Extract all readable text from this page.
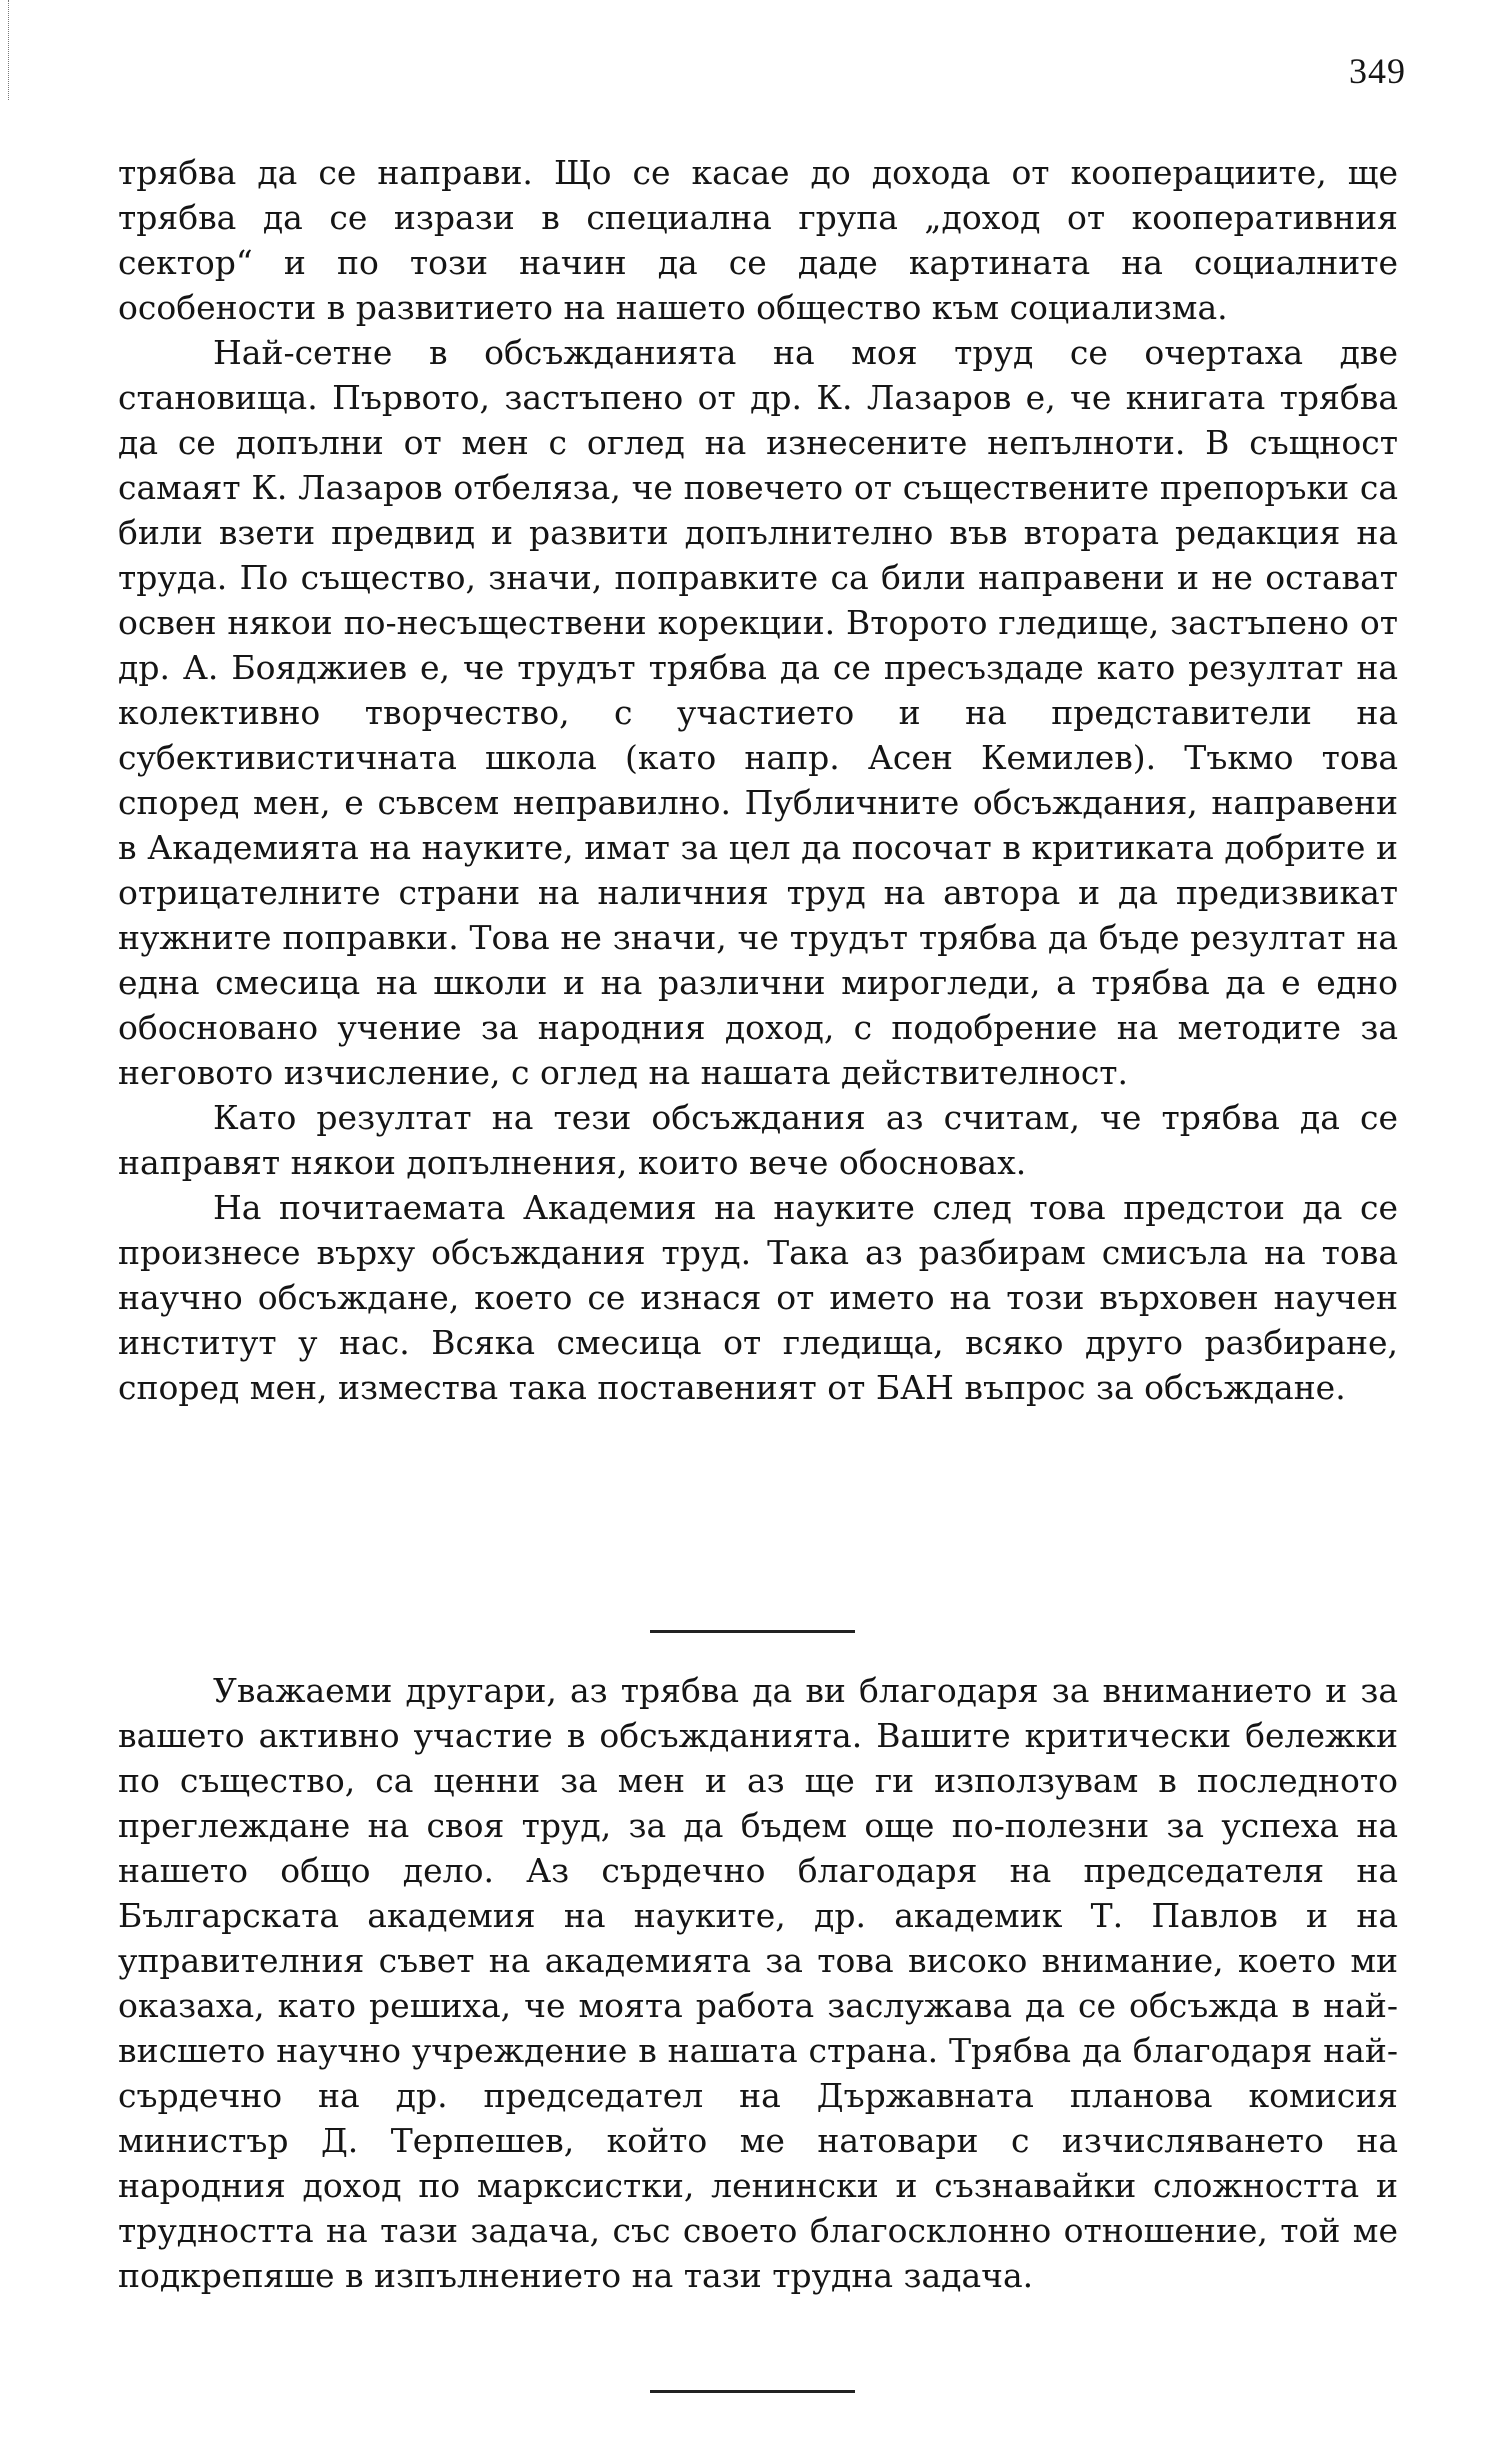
349

трябва да се направи. Що се касае до дохода от кооперациите, ще трябва да се изрази в специална група „доход от кооперативния сектор“ и по този начин да се даде картината на социалните особености в развитието на нашето общество към социализма.

Най-сетне в обсъжданията на моя труд се очертаха две становища. Първото, застъпено от др. К. Лазаров е, че книгата трябва да се допълни от мен с оглед на изнесените непълноти. В същност самаят К. Лазаров отбеляза, че повечето от съществените препоръки са били взети предвид и развити допълнително във втората редакция на труда. По същество, значи, поправките са били направени и не остават освен някои по-несъществени корекции. Второто гледище, застъпено от др. А. Бояджиев е, че трудът трябва да се пресъздаде като резултат на колективно творчество, с участието и на представители на субективистичната школа (като напр. Асен Кемилев). Тъкмо това според мен, е съвсем неправилно. Публичните обсъждания, направени в Академията на науките, имат за цел да посочат в критиката добрите и отрицателните страни на наличния труд на автора и да предизвикат нужните поправки. Това не значи, че трудът трябва да бъде резултат на една смесица на школи и на различни мирогледи, а трябва да е едно обосновано учение за народния доход, с подобрение на методите за неговото изчисление, с оглед на нашата действителност.

Като резултат на тези обсъждания аз считам, че трябва да се направят някои допълнения, които вече обосновах.

На почитаемата Академия на науките след това предстои да се произнесе върху обсъждания труд. Така аз разбирам смисъла на това научно обсъждане, което се изнася от името на този върховен научен институт у нас. Всяка смесица от гледища, всяко друго разбиране, според мен, измества така поставеният от БАН въпрос за обсъждане.

Уважаеми другари, аз трябва да ви благодаря за вниманието и за вашето активно участие в обсъжданията. Вашите критически бележки по същество, са ценни за мен и аз ще ги използувам в последното преглеждане на своя труд, за да бъдем още по-полезни за успеха на нашето общо дело. Аз сърдечно благодаря на председателя на Българската академия на науките, др. академик Т. Павлов и на управителния съвет на академията за това високо внимание, което ми оказаха, като решиха, че моята работа заслужава да се обсъжда в най-висшето научно учреждение в нашата страна. Трябва да благодаря най-сърдечно на др. председател на Държавната планова комисия министър Д. Терпешев, който ме натовари с изчисляването на народния доход по марксистки, ленински и съзнавайки сложността и трудността на тази задача, със своето благосклонно отношение, той ме подкрепяше в изпълнението на тази трудна задача.
